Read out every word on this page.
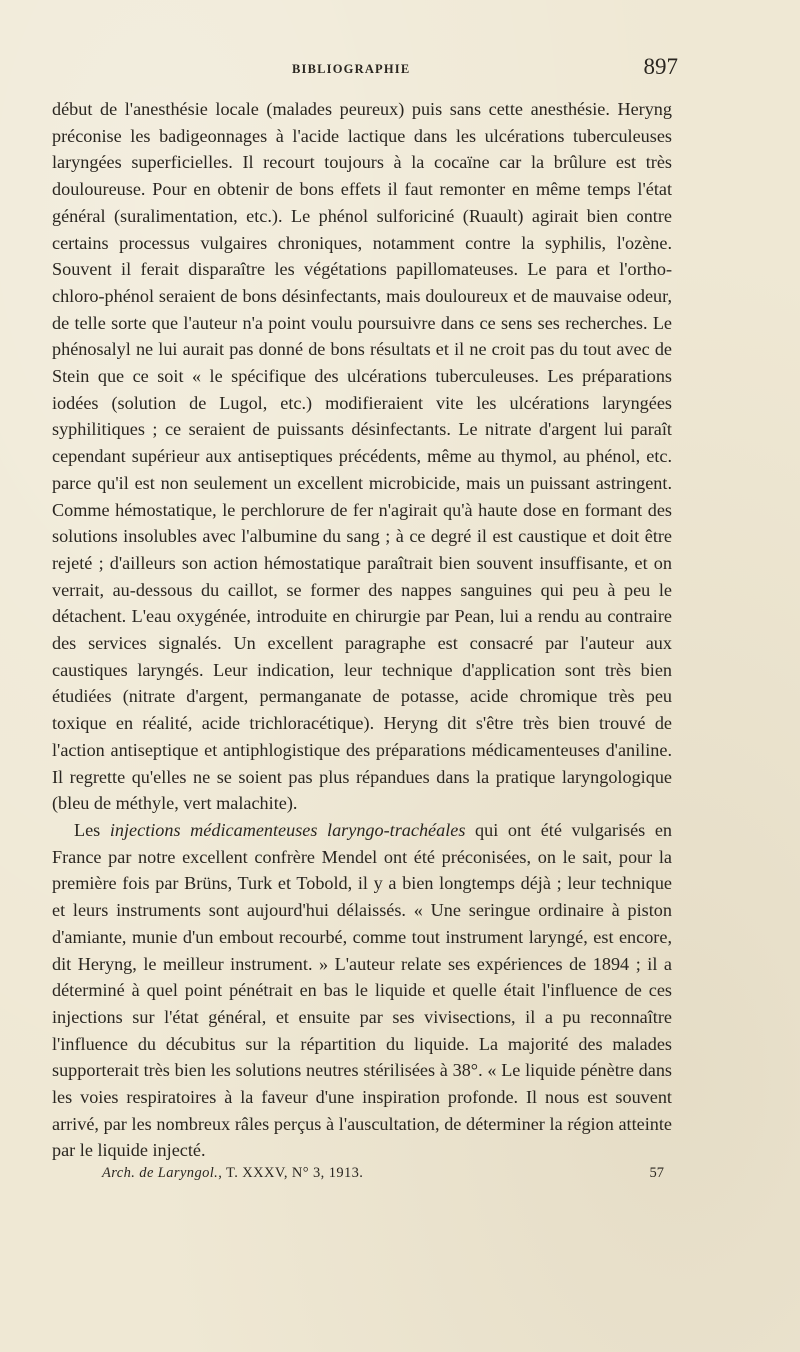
BIBLIOGRAPHIE	897

début de l'anesthésie locale (malades peureux) puis sans cette anesthésie. Heryng préconise les badigeonnages à l'acide lactique dans les ulcérations tuberculeuses laryngées superficielles. Il recourt toujours à la cocaïne car la brûlure est très douloureuse. Pour en obtenir de bons effets il faut remonter en même temps l'état général (suralimentation, etc.). Le phénol sulforiciné (Ruault) agirait bien contre certains processus vulgaires chroniques, notamment contre la syphilis, l'ozène. Souvent il ferait disparaître les végétations papillomateuses. Le para et l'ortho-chloro-phénol seraient de bons désinfectants, mais douloureux et de mauvaise odeur, de telle sorte que l'auteur n'a point voulu poursuivre dans ce sens ses recherches. Le phénosalyl ne lui aurait pas donné de bons résultats et il ne croit pas du tout avec de Stein que ce soit « le spécifique des ulcérations tuberculeuses. Les préparations iodées (solution de Lugol, etc.) modifieraient vite les ulcérations laryngées syphilitiques ; ce seraient de puissants désinfectants. Le nitrate d'argent lui paraît cependant supérieur aux antiseptiques précédents, même au thymol, au phénol, etc. parce qu'il est non seulement un excellent microbicide, mais un puissant astringent. Comme hémostatique, le perchlorure de fer n'agirait qu'à haute dose en formant des solutions insolubles avec l'albumine du sang ; à ce degré il est caustique et doit être rejeté ; d'ailleurs son action hémostatique paraîtrait bien souvent insuffisante, et on verrait, au-dessous du caillot, se former des nappes sanguines qui peu à peu le détachent. L'eau oxygénée, introduite en chirurgie par Pean, lui a rendu au contraire des services signalés. Un excellent paragraphe est consacré par l'auteur aux caustiques laryngés. Leur indication, leur technique d'application sont très bien étudiées (nitrate d'argent, permanganate de potasse, acide chromique très peu toxique en réalité, acide trichloracétique). Heryng dit s'être très bien trouvé de l'action antiseptique et antiphlogistique des préparations médicamenteuses d'aniline. Il regrette qu'elles ne se soient pas plus répandues dans la pratique laryngologique (bleu de méthyle, vert malachite).

Les injections médicamenteuses laryngo-trachéales qui ont été vulgarisés en France par notre excellent confrère Mendel ont été préconisées, on le sait, pour la première fois par Brüns, Turk et Tobold, il y a bien longtemps déjà ; leur technique et leurs instruments sont aujourd'hui délaissés. « Une seringue ordinaire à piston d'amiante, munie d'un embout recourbé, comme tout instrument laryngé, est encore, dit Heryng, le meilleur instrument. » L'auteur relate ses expériences de 1894 ; il a déterminé à quel point pénétrait en bas le liquide et quelle était l'influence de ces injections sur l'état général, et ensuite par ses vivisections, il a pu reconnaître l'influence du décubitus sur la répartition du liquide. La majorité des malades supporterait très bien les solutions neutres stérilisées à 38°. « Le liquide pénètre dans les voies respiratoires à la faveur d'une inspiration profonde. Il nous est souvent arrivé, par les nombreux râles perçus à l'auscultation, de déterminer la région atteinte par le liquide injecté.

Arch. de Laryngol., T. XXXV, N° 3, 1913.	57
